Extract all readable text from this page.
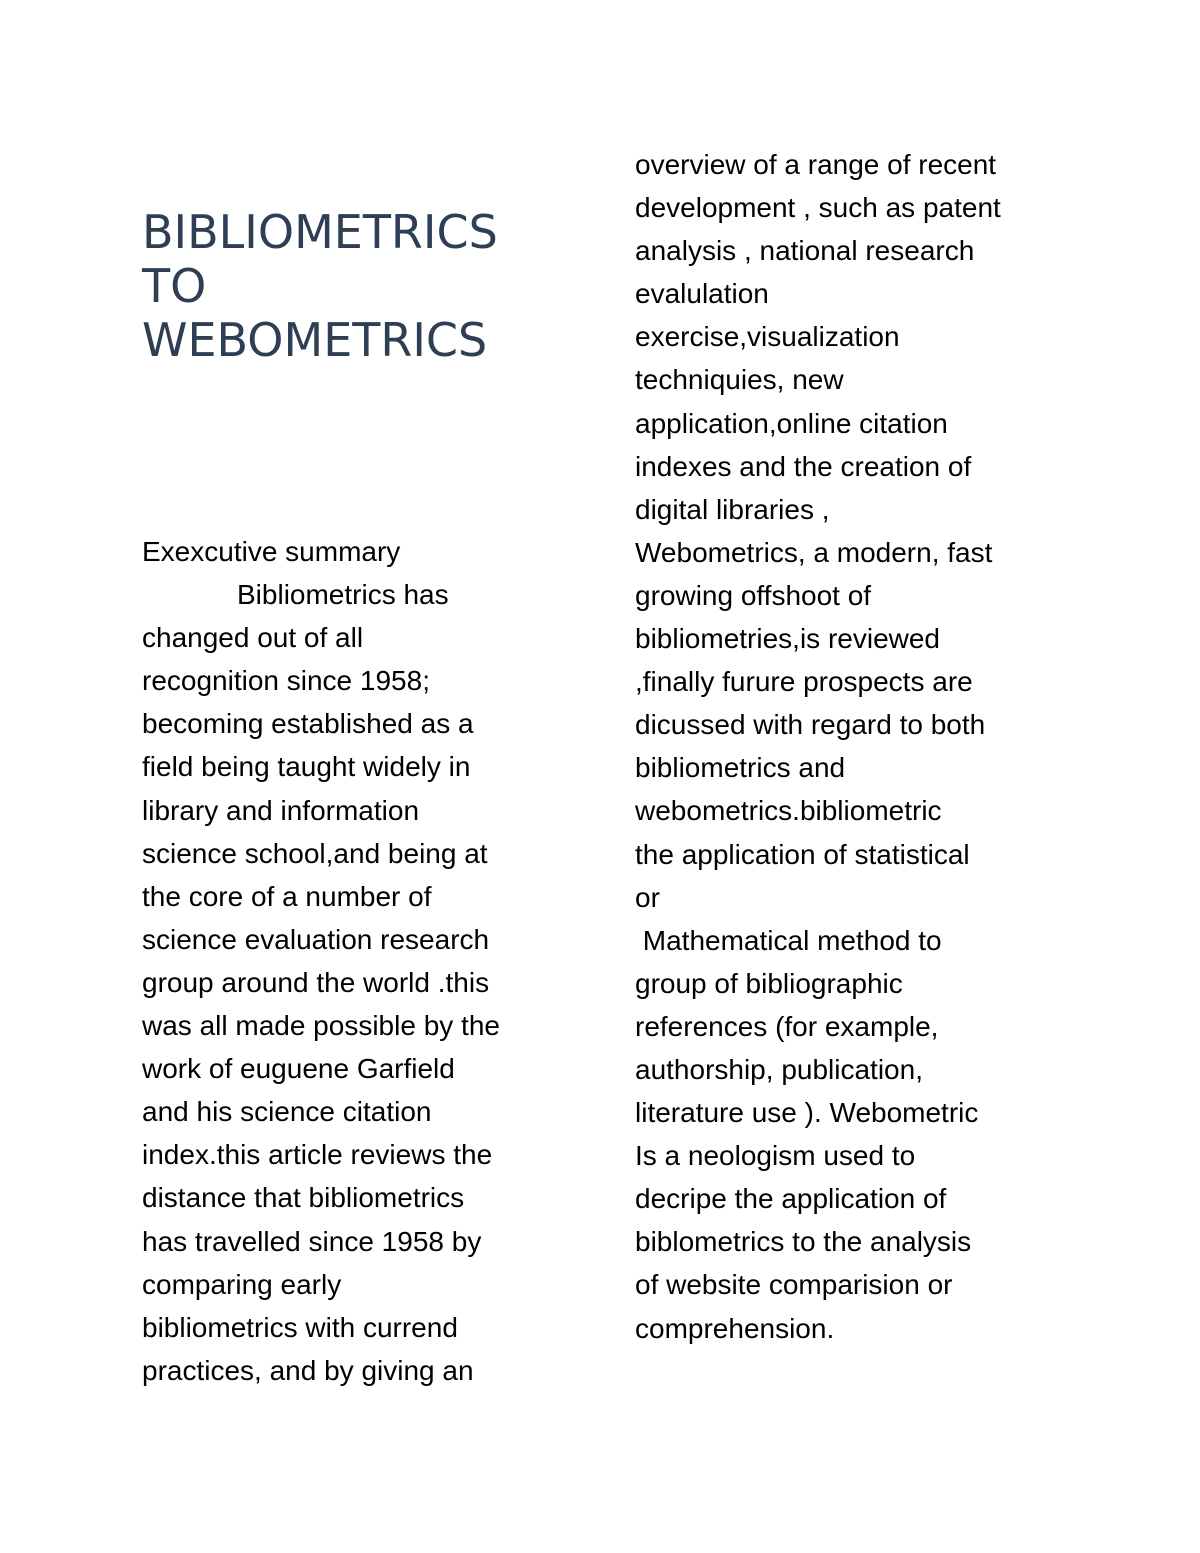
BIBLIOMETRICS
TO
WEBOMETRICS
Exexcutive summary
Bibliometrics has
changed out of all
recognition since 1958;
becoming established as a
field being taught widely in
library and information
science school,and being at
the core of a number of
science evaluation research
group around the world .this
was all made possible by the
work of euguene Garfield
and his science citation
index.this article reviews the
distance that bibliometrics
has travelled since 1958 by
comparing early
bibliometrics with currend
practices, and by giving an
overview of a range of recent
development , such as patent
analysis , national research
evalulation
exercise,visualization
techniquies, new
application,online citation
indexes and the creation of
digital libraries ,
Webometrics, a modern, fast
growing offshoot of
bibliometries,is reviewed
,finally furure prospects are
dicussed with regard to both
bibliometrics and
webometrics.bibliometric
the application of statistical
or
Mathematical method to
group of bibliographic
references (for example,
authorship, publication,
literature use ). Webometric
Is a neologism used to
decripe the application of
biblometrics to the analysis
of website comparision or
comprehension.
